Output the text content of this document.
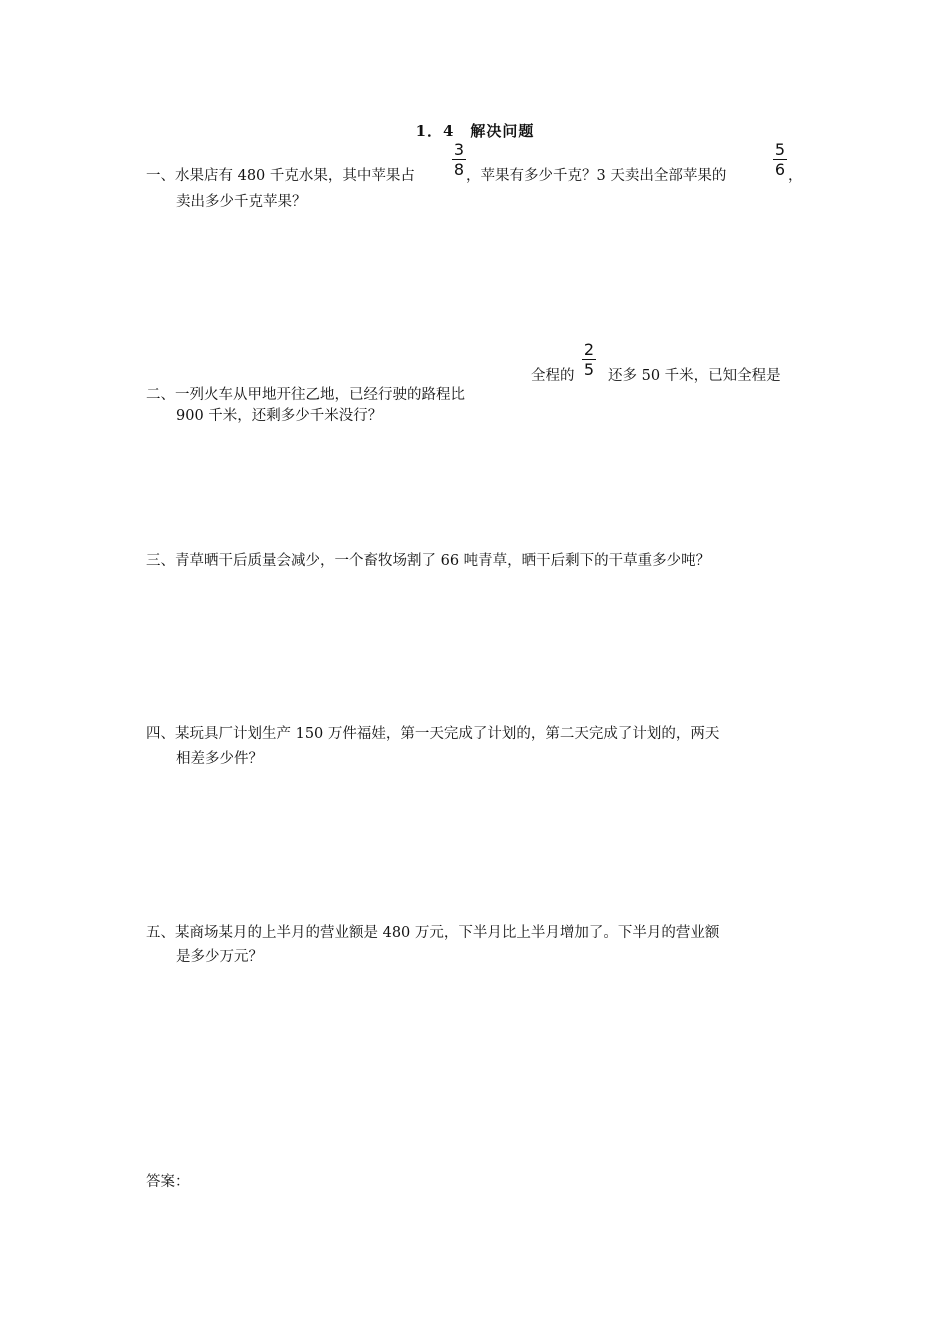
1．4　解决问题
一、水果店有 480 千克水果，其中苹果占
3
8 ，苹果有多少千克？3 天卖出全部苹果的
5
6 ，
卖出多少千克苹果？
全程的
2
5 还多 50 千米，已知全程是
二、一列火车从甲地开往乙地，已经行驶的路程比
900 千米，还剩多少千米没行？
三、青草晒干后质量会减少，一个畜牧场割了 66 吨青草，晒干后剩下的干草重多少吨？
四、某玩具厂计划生产 150 万件福娃，第一天完成了计划的，第二天完成了计划的，两天
相差多少件？
五、某商场某月的上半月的营业额是 480 万元，下半月比上半月增加了。下半月的营业额
是多少万元？
答案：
